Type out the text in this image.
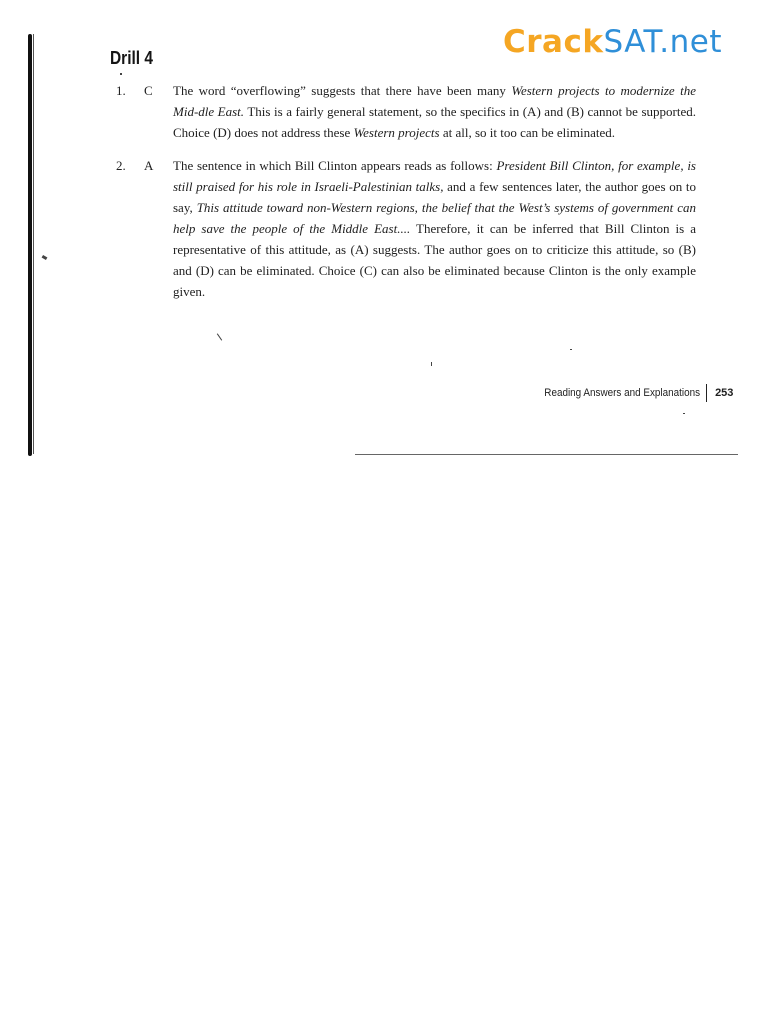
CrackSAT.net
Drill 4
1. C The word “overflowing” suggests that there have been many Western projects to modernize the Mid-dle East. This is a fairly general statement, so the specifics in (A) and (B) cannot be supported. Choice (D) does not address these Western projects at all, so it too can be eliminated.
2. A The sentence in which Bill Clinton appears reads as follows: President Bill Clinton, for example, is still praised for his role in Israeli-Palestinian talks, and a few sentences later, the author goes on to say, This attitude toward non-Western regions, the belief that the West’s systems of government can help save the people of the Middle East.... Therefore, it can be inferred that Bill Clinton is a representative of this attitude, as (A) suggests. The author goes on to criticize this attitude, so (B) and (D) can be eliminated. Choice (C) can also be eliminated because Clinton is the only example given.
Reading Answers and Explanations 253
